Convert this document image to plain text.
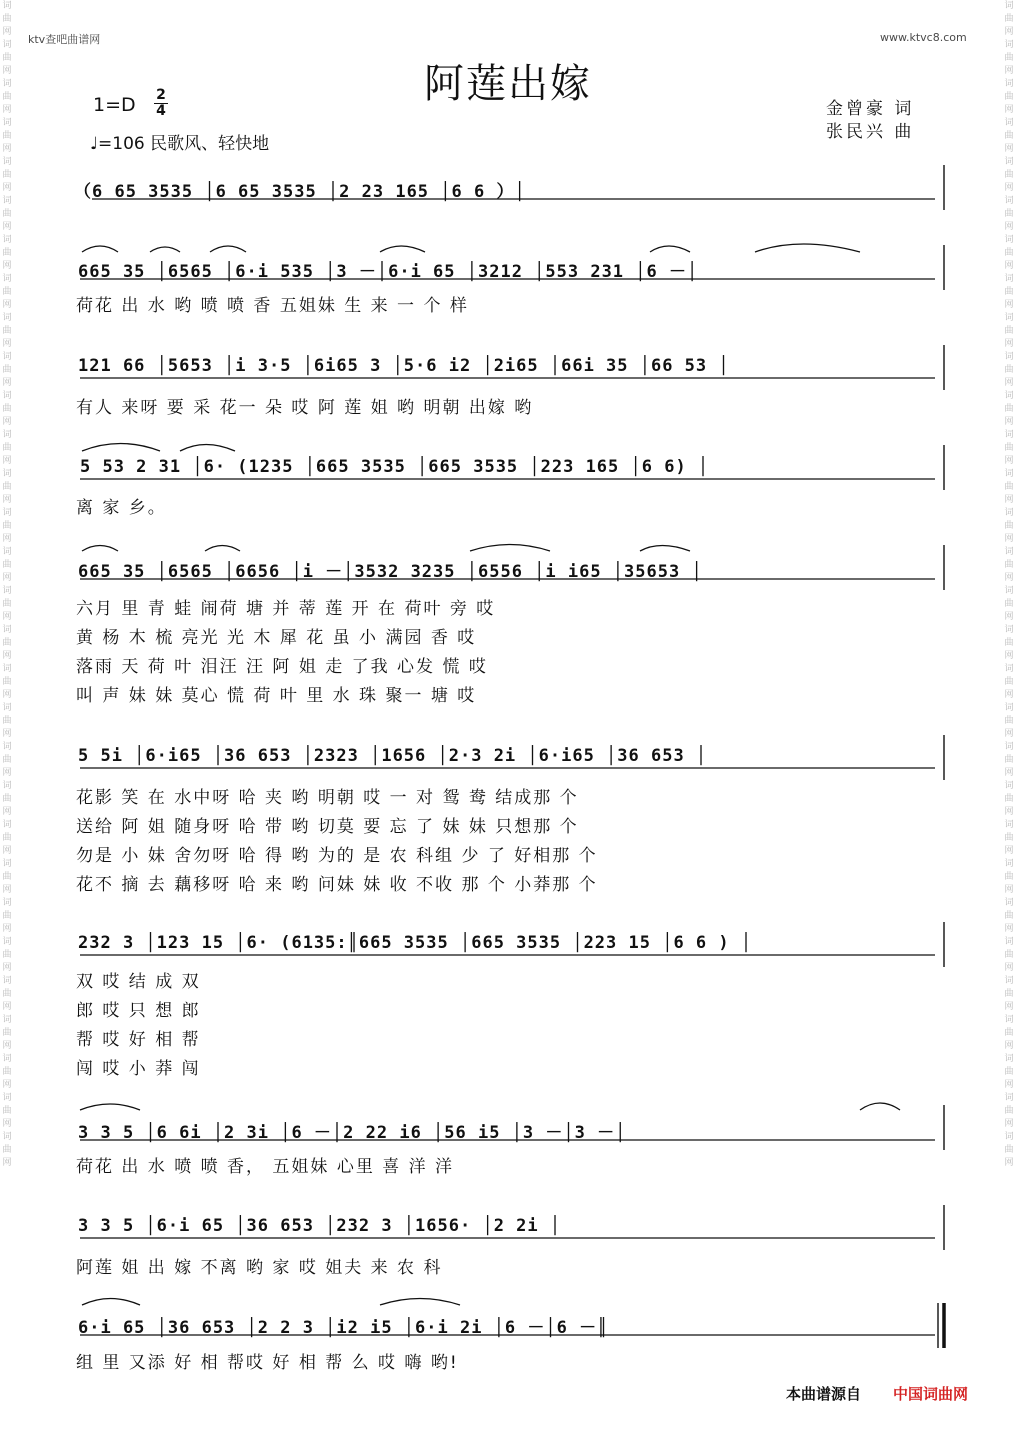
词曲网词曲网词曲网词曲网词曲网词曲网词曲网词曲网词曲网词曲网词曲网词曲网词曲网词曲网词曲网词曲网词曲网词曲网词曲网词曲网词曲网词曲网词曲网词曲网词曲网词曲网词曲网词曲网词曲网词曲网
词曲网词曲网词曲网词曲网词曲网词曲网词曲网词曲网词曲网词曲网词曲网词曲网词曲网词曲网词曲网词曲网词曲网词曲网词曲网词曲网词曲网词曲网词曲网词曲网词曲网词曲网词曲网词曲网词曲网词曲网
ktv查吧曲谱网	www.ktvc8.com
阿莲出嫁
1=D 2
4
♩=106 民歌风、轻快地
金曾豪 词
张民兴 曲
（6 65 3535 │6 65 3535 │2 23 165 │6 6 ）│
665 35 │6565 │6·i 535 │3 －│6·i 65 │3212 │553 231 │6 －│
荷花 出 水 哟 喷 喷 香 五姐妹 生 来 一 个 样
121 66 │5653 │i 3·5 │6i65 3 │5·6 i2 │2i65 │66i 35 │66 53 │
有人 来呀 要 采 花一 朵 哎 阿 莲 姐 哟 明朝 出嫁 哟
5 53 2 31 │6· (1235 │665 3535 │665 3535 │223 165 │6 6) │
离 家 乡。
665 35 │6565 │6656 │i －│3532 3235 │6556 │i i65 │35653 │
六月 里 青 蛙 闹荷 塘 并 蒂 莲 开 在 荷叶 旁 哎
黄 杨 木 梳 亮光 光 木 犀 花 虽 小 满园 香 哎
落雨 天 荷 叶 泪汪 汪 阿 姐 走 了我 心发 慌 哎
叫 声 妹 妹 莫心 慌 荷 叶 里 水 珠 聚一 塘 哎
5 5i │6·i65 │36 653 │2323 │1656 │2·3 2i │6·i65 │36 653 │
花影 笑 在 水中呀 哈 夹 哟 明朝 哎 一 对 鸳 鸯 结成那 个
送给 阿 姐 随身呀 哈 带 哟 切莫 要 忘 了 妹 妹 只想那 个
勿是 小 妹 舍勿呀 哈 得 哟 为的 是 农 科组 少 了 好相那 个
花不 摘 去 藕移呀 哈 来 哟 问妹 妹 收 不收 那 个 小莽那 个
232 3 │123 15 │6· (6135:║665 3535 │665 3535 │223 15 │6 6 ) │
双 哎 结 成 双
郎 哎 只 想 郎
帮 哎 好 相 帮
闯 哎 小 莽 闯
3 3 5 │6 6i │2 3i │6 －│2 22 i6 │56 i5 │3 －│3 －│
荷花 出 水 喷 喷 香， 五姐妹 心里 喜 洋 洋
3 3 5 │6·i 65 │36 653 │232 3 │1656· │2 2i │
阿莲 姐 出 嫁 不离 哟 家 哎 姐夫 来 农 科
6·i 65 │36 653 │2 2 3 │i2 i5 │6·i 2i │6 －│6 －║
组 里 又添 好 相 帮哎 好 相 帮 么 哎 嗨 哟!
本曲谱源自 中国词曲网
